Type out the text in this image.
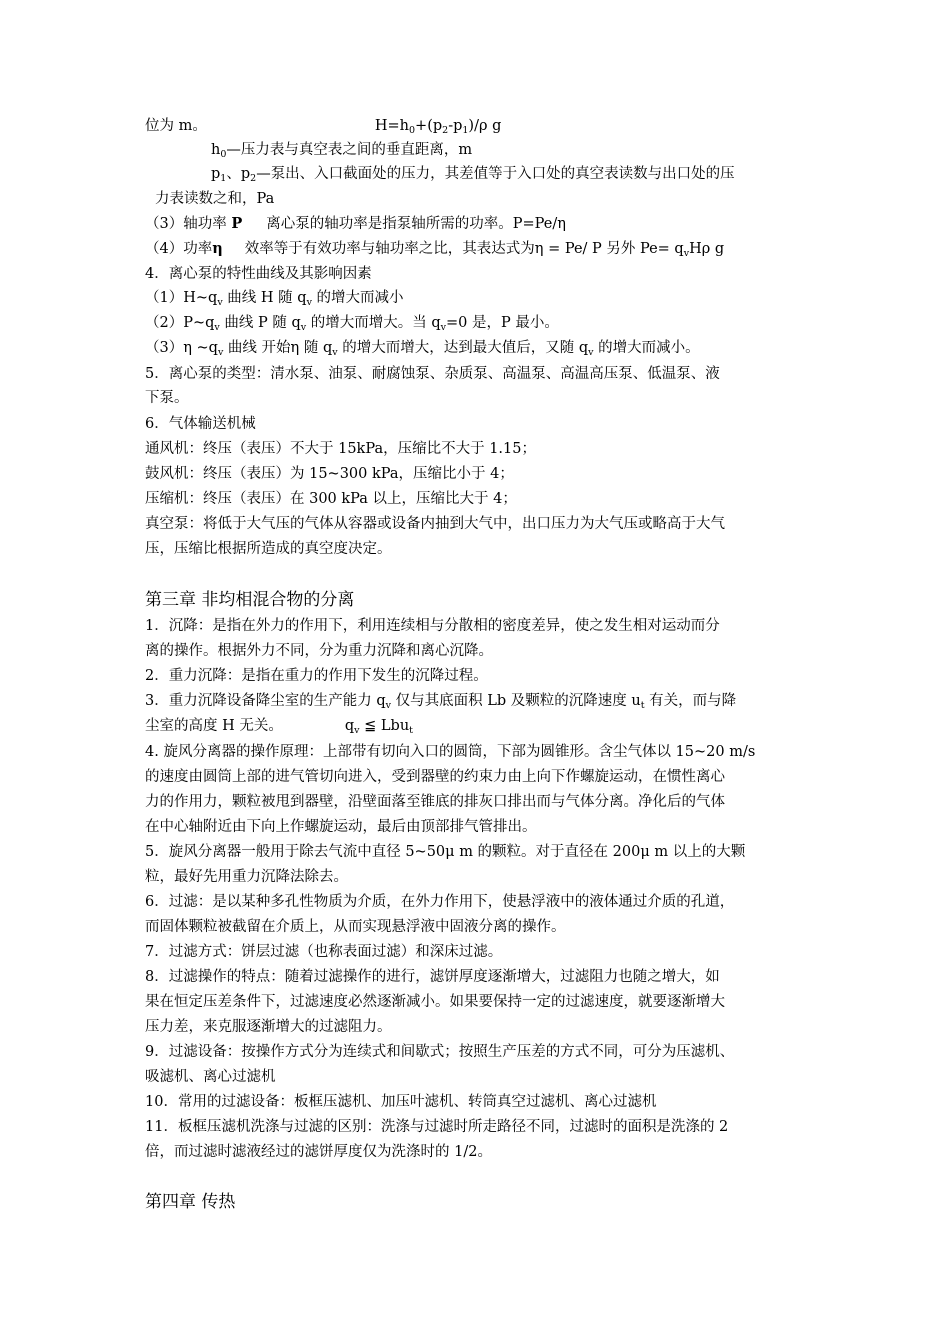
位为 m。	$H=h_0+(p_2-p_1)/\rho$ g
$h_0—$压力表与真空表之间的垂直距离，m
$p_1$、$p_2—$泵出、入口截面处的压力，其差值等于入口处的真空表读数与出口处的压
力表读数之和，Pa
（3）轴功率 P 离心泵的轴功率是指泵轴所需的功率。P=Pe/η
（4）功率η 效率等于有效功率与轴功率之比，其表达式为η = Pe/ P 另外 $Pe= q_vH\rho$ g
4．离心泵的特性曲线及其影响因素
$(1)H\sim q_v$ 曲线 H 随 $q_v$ 的增大而减小
$(2)P\sim q_v$ 曲线 P 随 $q_v$ 的增大而增大。当 $q_v=0$ 是，P 最小。
（3）η $\sim q_v$ 曲线 开始η 随 $q_v$ 的增大而增大，达到最大值后，又随 $q_v$ 的增大而减小。
5．离心泵的类型：清水泵、油泵、耐腐蚀泵、杂质泵、高温泵、高温高压泵、低温泵、液
下泵。
6．气体输送机械
通风机：终压（表压）不大于 15kPa，压缩比不大于 1.15；
鼓风机：终压（表压）为 15~300 kPa，压缩比小于 4；
压缩机：终压（表压）在 300 kPa 以上，压缩比大于 4；
真空泵：将低于大气压的气体从容器或设备内抽到大气中，出口压力为大气压或略高于大气
压，压缩比根据所造成的真空度决定。
第三章 非均相混合物的分离
1．沉降：是指在外力的作用下，利用连续相与分散相的密度差异，使之发生相对运动而分
离的操作。根据外力不同，分为重力沉降和离心沉降。
2．重力沉降：是指在重力的作用下发生的沉降过程。
3．重力沉降设备降尘室的生产能力 $q_v$ 仅与其底面积 Lb 及颗粒的沉降速度 $u_t$ 有关，而与降
尘室的高度 H 无关。	$q_v$ ≦ Lbu$_t$
4. 旋风分离器的操作原理：上部带有切向入口的圆筒，下部为圆锥形。含尘气体以 15~20 m/s
的速度由圆筒上部的进气管切向进入，受到器壁的约束力由上向下作螺旋运动，在惯性离心
力的作用力，颗粒被甩到器壁，沿壁面落至锥底的排灰口排出而与气体分离。净化后的气体
在中心轴附近由下向上作螺旋运动，最后由顶部排气管排出。
5．旋风分离器一般用于除去气流中直径 5~50μ m 的颗粒。对于直径在 200μ m 以上的大颗
粒，最好先用重力沉降法除去。
6．过滤：是以某种多孔性物质为介质，在外力作用下，使悬浮液中的液体通过介质的孔道，
而固体颗粒被截留在介质上，从而实现悬浮液中固液分离的操作。
7．过滤方式：饼层过滤（也称表面过滤）和深床过滤。
8．过滤操作的特点：随着过滤操作的进行，滤饼厚度逐渐增大，过滤阻力也随之增大，如
果在恒定压差条件下，过滤速度必然逐渐减小。如果要保持一定的过滤速度，就要逐渐增大
压力差，来克服逐渐增大的过滤阻力。
9．过滤设备：按操作方式分为连续式和间歇式；按照生产压差的方式不同，可分为压滤机、
吸滤机、离心过滤机
10．常用的过滤设备：板框压滤机、加压叶滤机、转筒真空过滤机、离心过滤机
11．板框压滤机洗涤与过滤的区别：洗涤与过滤时所走路径不同，过滤时的面积是洗涤的 2
倍，而过滤时滤液经过的滤饼厚度仅为洗涤时的 1/2。
第四章 传热
